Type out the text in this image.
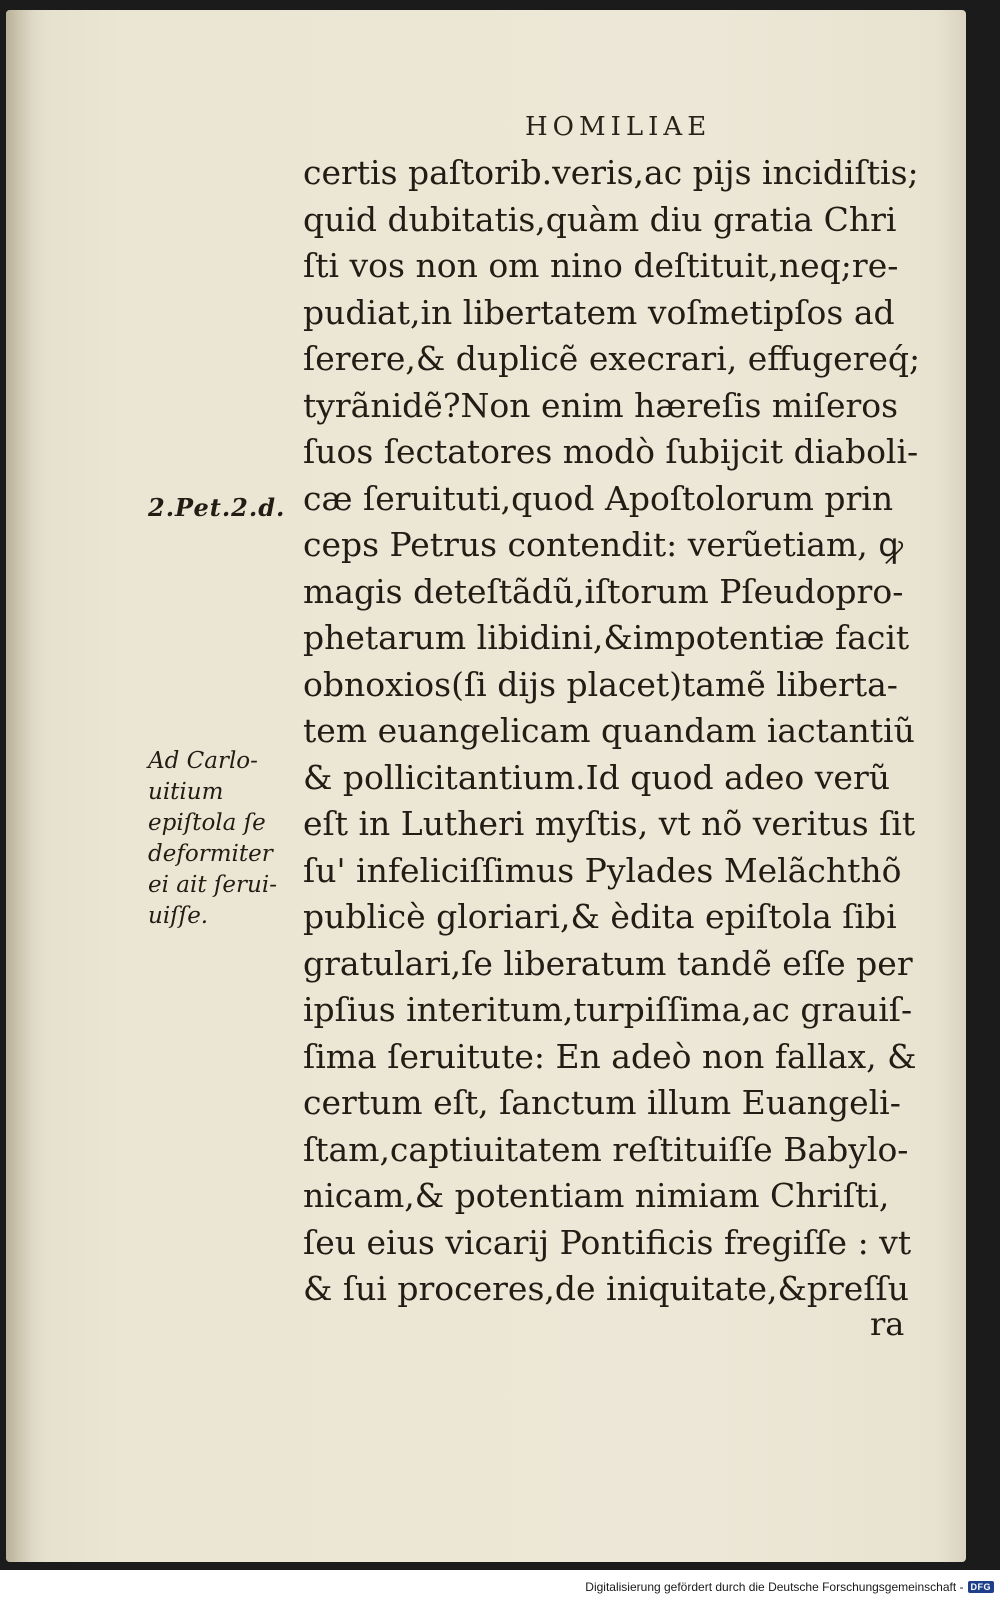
HOMILIAE
2.Pet.2.d.
Ad Carlo-
uitium
epiſtola ſe
deformiter
ei ait ſerui-
uiſſe.
certis paſtorib.veris,ac pijs incidiſtis;
quid dubitatis,quàm diu gratia Chri
ſti vos non om nino deſtituit,neq;re-
pudiat,in libertatem voſmetipſos ad
ſerere,& duplicẽ execrari, effugereq́;
tyrãnidẽ?Non enim hæreſis miſeros
ſuos ſectatores modò ſubijcit diaboli-
cæ ſeruituti,quod Apoſtolorum prin
ceps Petrus contendit: verũetiam, ꝙ
magis deteſtãdũ,iſtorum Pſeudopro-
phetarum libidini,&impotentiæ facit
obnoxios(ſi dijs placet)tamẽ liberta-
tem euangelicam quandam iactantiũ
& pollicitantium.Id quod adeo verũ
eſt in Lutheri myſtis, vt nõ veritus ſit
ſu' infeliciſſimus Pylades Melãchthõ
publicè gloriari,& èdita epiſtola ſibi
gratulari,ſe liberatum tandẽ eſſe per
ipſius interitum,turpiſſima,ac grauiſ-
ſima ſeruitute: En adeò non fallax, &
certum eſt, ſanctum illum Euangeli-
ſtam,captiuitatem reſtituiſſe Babylo-
nicam,& potentiam nimiam Chriſti,
ſeu eius vicarij Pontificis fregiſſe : vt
& ſui proceres,de iniquitate,&preſſu
ra
Digitalisierung gefördert durch die Deutsche Forschungsgemeinschaft - DFG
